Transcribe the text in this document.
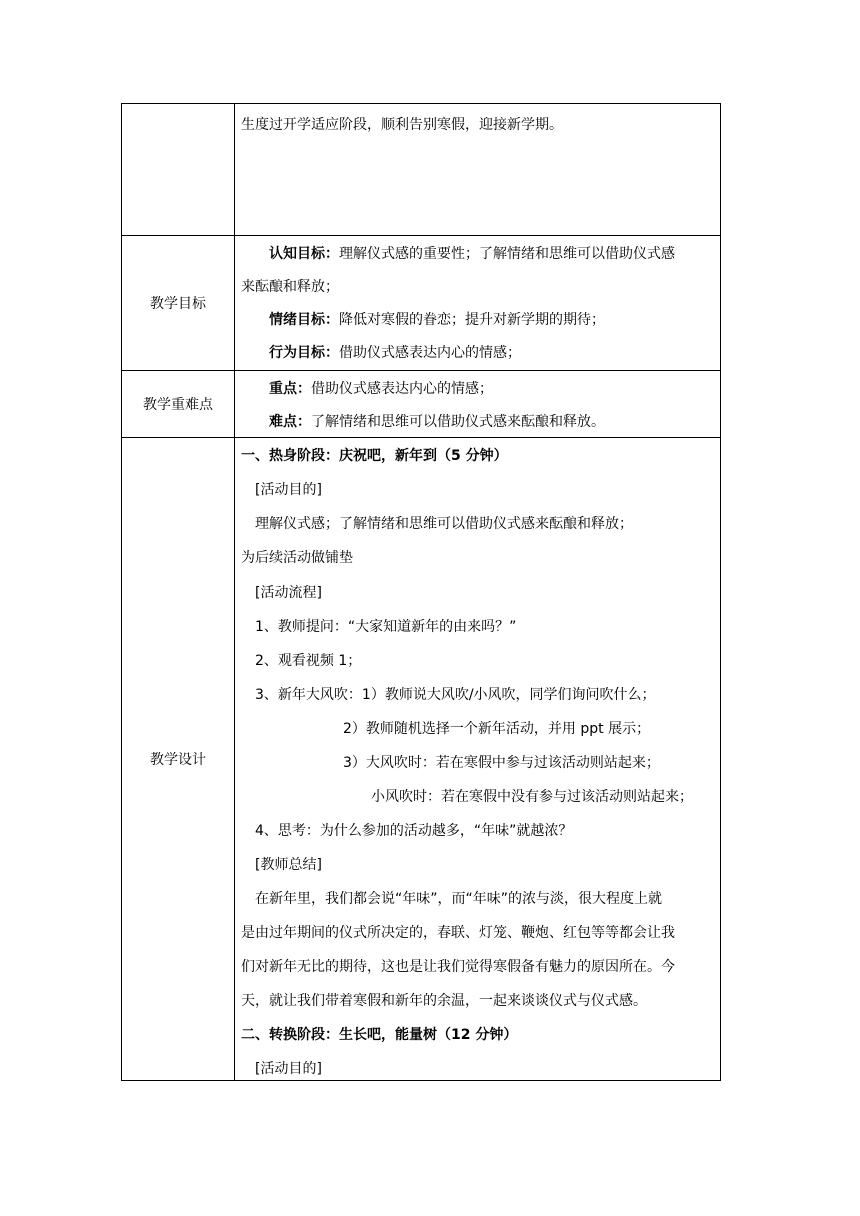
生度过开学适应阶段，顺利告别寒假，迎接新学期。
教学目标
认知目标：理解仪式感的重要性；了解情绪和思维可以借助仪式感
来酝酿和释放；
情绪目标：降低对寒假的眷恋；提升对新学期的期待；
行为目标：借助仪式感表达内心的情感；
教学重难点
重点：借助仪式感表达内心的情感；
难点：了解情绪和思维可以借助仪式感来酝酿和释放。
教学设计
一、热身阶段：庆祝吧，新年到（5 分钟）
[活动目的]
理解仪式感；了解情绪和思维可以借助仪式感来酝酿和释放；
为后续活动做铺垫
[活动流程]
1、教师提问：“大家知道新年的由来吗？”
2、观看视频 1；
3、新年大风吹：1）教师说大风吹/小风吹，同学们询问吹什么；
2）教师随机选择一个新年活动，并用 ppt 展示；
3）大风吹时：若在寒假中参与过该活动则站起来；
小风吹时：若在寒假中没有参与过该活动则站起来；
4、思考：为什么参加的活动越多，“年味”就越浓？
[教师总结]
在新年里，我们都会说“年味”，而“年味”的浓与淡，很大程度上就
是由过年期间的仪式所决定的，春联、灯笼、鞭炮、红包等等都会让我
们对新年无比的期待，这也是让我们觉得寒假备有魅力的原因所在。今
天，就让我们带着寒假和新年的余温，一起来谈谈仪式与仪式感。
二、转换阶段：生长吧，能量树（12 分钟）
[活动目的]
